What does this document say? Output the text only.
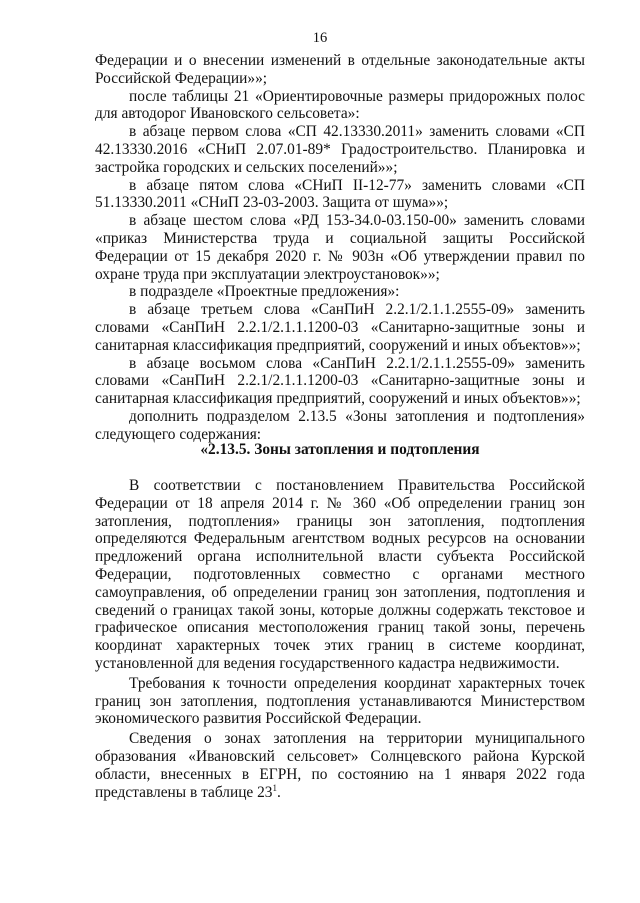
16

Федерации и о внесении изменений в отдельные законодательные акты Российской Федерации»»;

после таблицы 21 «Ориентировочные размеры придорожных полос для автодорог Ивановского сельсовета»:

в абзаце первом слова «СП 42.13330.2011» заменить словами «СП 42.13330.2016 «СНиП 2.07.01-89* Градостроительство. Планировка и застройка городских и сельских поселений»»;

в абзаце пятом слова «СНиП II-12-77» заменить словами «СП 51.13330.2011 «СНиП 23-03-2003. Защита от шума»»;

в абзаце шестом слова «РД 153-34.0-03.150-00» заменить словами «приказ Министерства труда и социальной защиты Российской Федерации от 15 декабря 2020 г. № 903н «Об утверждении правил по охране труда при эксплуатации электроустановок»»;

в подразделе «Проектные предложения»:

в абзаце третьем слова «СанПиН 2.2.1/2.1.1.2555-09» заменить словами «СанПиН 2.2.1/2.1.1.1200-03 «Санитарно-защитные зоны и санитарная классификация предприятий, сооружений и иных объектов»»;

в абзаце восьмом слова «СанПиН 2.2.1/2.1.1.2555-09» заменить словами «СанПиН 2.2.1/2.1.1.1200-03 «Санитарно-защитные зоны и санитарная классификация предприятий, сооружений и иных объектов»»;

дополнить подразделом 2.13.5 «Зоны затопления и подтопления» следующего содержания:

«2.13.5. Зоны затопления и подтопления

В соответствии с постановлением Правительства Российской Федерации от 18 апреля 2014 г. № 360 «Об определении границ зон затопления, подтопления» границы зон затопления, подтопления определяются Федеральным агентством водных ресурсов на основании предложений органа исполнительной власти субъекта Российской Федерации, подготовленных совместно с органами местного самоуправления, об определении границ зон затопления, подтопления и сведений о границах такой зоны, которые должны содержать текстовое и графическое описания местоположения границ такой зоны, перечень координат характерных точек этих границ в системе координат, установленной для ведения государственного кадастра недвижимости.

Требования к точности определения координат характерных точек границ зон затопления, подтопления устанавливаются Министерством экономического развития Российской Федерации.

Сведения о зонах затопления на территории муниципального образования «Ивановский сельсовет» Солнцевского района Курской области, внесенных в ЕГРН, по состоянию на 1 января 2022 года представлены в таблице $23^1$.
